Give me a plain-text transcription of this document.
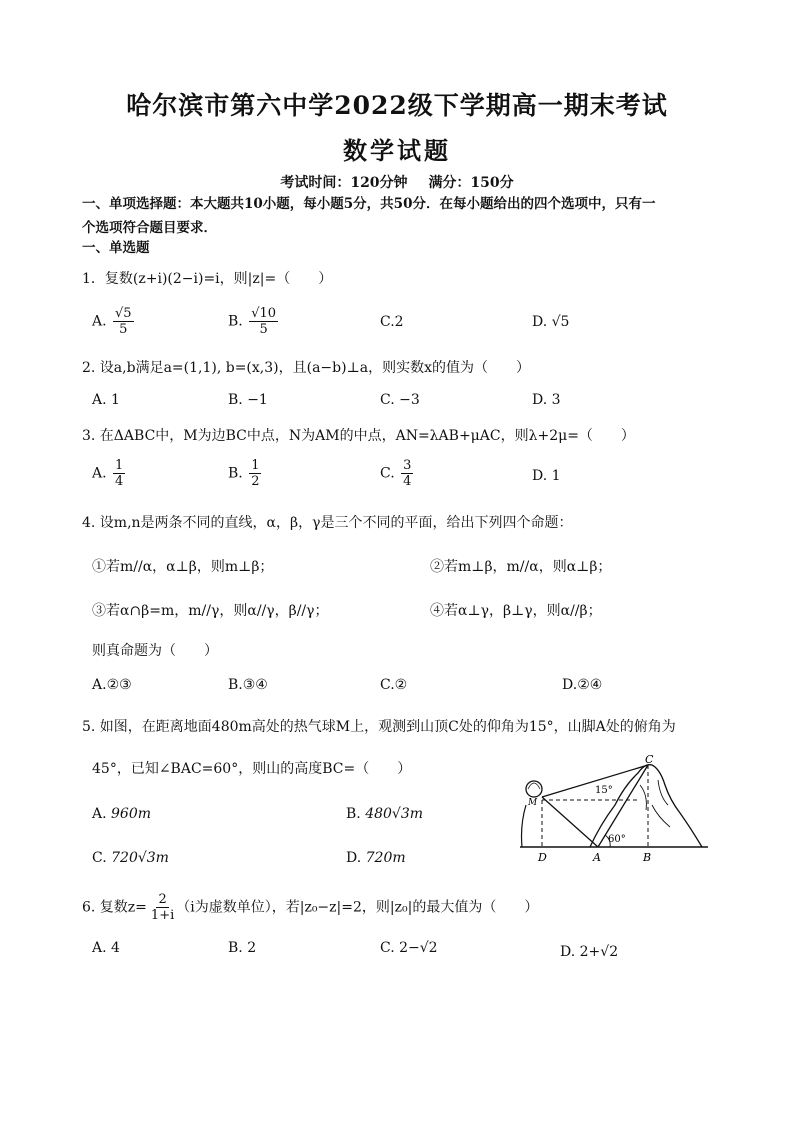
哈尔滨市第六中学2022级下学期高一期末考试
数学试题
考试时间：120分钟 满分：150分
一、单项选择题：本大题共10小题，每小题5分，共50分．在每小题给出的四个选项中，只有一
个选项符合题目要求．
一、单选题
1．复数(z+i)(2−i)=i，则|z|=（　　）
A. $\frac{√5}{5}$	B. $\frac{√10}{5}$	C.2	D. √5
2. 设a,b满足a=(1,1), b=(x,3)，且(a−b)⊥a，则实数x的值为（　　）
A. 1	B. −1	C. −3	D. 3
3. 在ΔABC中，M为边BC中点，N为AM的中点，AN=λAB+μAC，则λ+2μ=（　　）
A. $\frac{1}{4}$	B. $\frac{1}{2}$	C. $\frac{3}{4}$	D. 1
4. 设m,n是两条不同的直线，α，β，γ是三个不同的平面，给出下列四个命题：
①若m//α，α⊥β，则m⊥β；	②若m⊥β，m//α，则α⊥β；
③若α∩β=m，m//γ，则α//γ，β//γ；	④若α⊥γ，β⊥γ，则α//β；
则真命题为（　　）
A.②③	B.③④	C.②	D.②④
5. 如图，在距离地面480m高处的热气球M上，观测到山顶C处的仰角为15°，山脚A处的俯角为
45°，已知∠BAC=60°，则山的高度BC=（　　）
A. 960m	B. 480√3m
C. 720√3m	D. 720m
15°
60°
C
M
D	A	B
6. 复数$z= \frac{2}{1+i} (i$为虚数单位），若|z₀−z|=2，则|z₀|的最大值为（　　）
A. 4	B. 2	C. 2−√2	D. 2+√2
